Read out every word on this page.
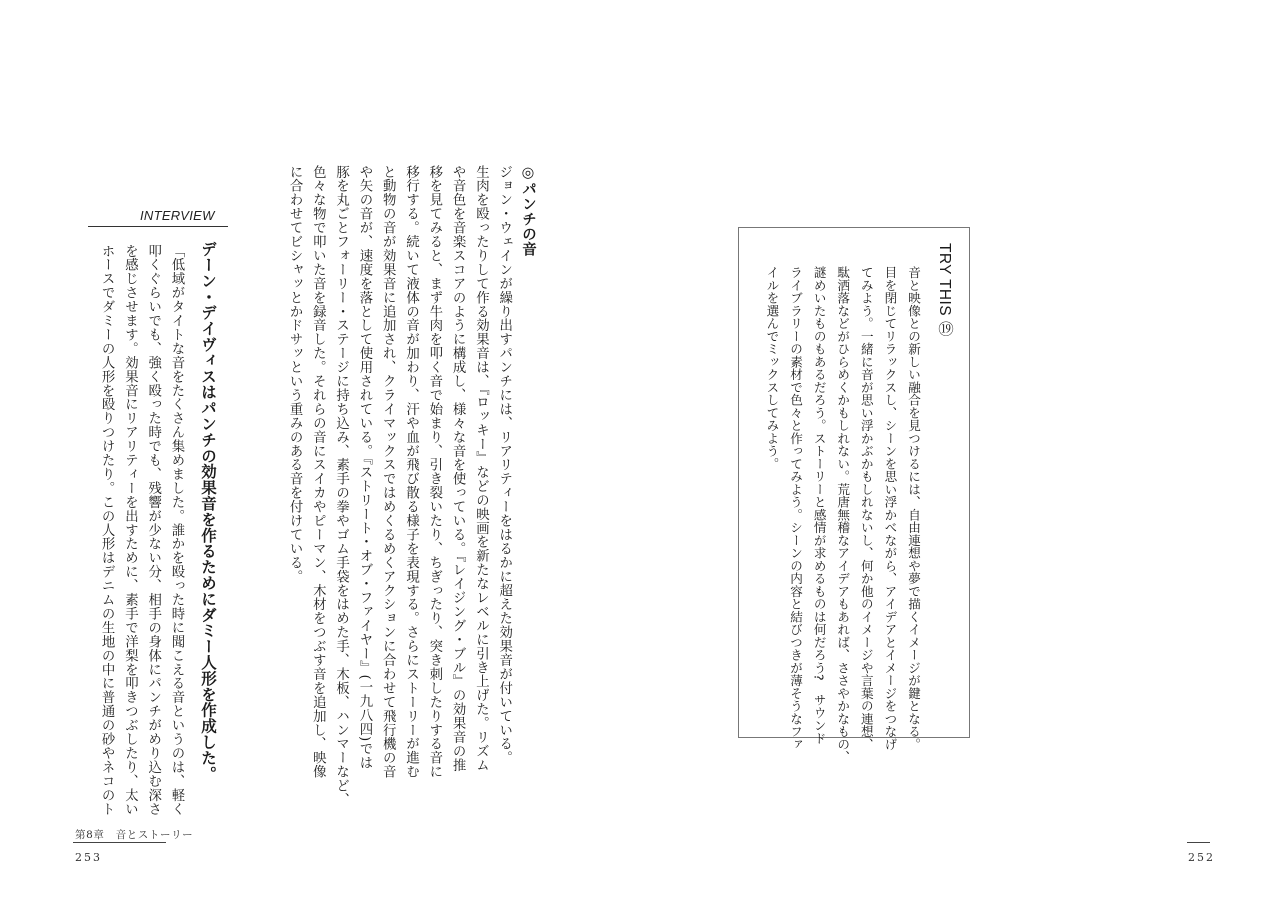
INTERVIEW
デーン・デイヴィスはパンチの効果音を作るためにダミー人形を作成した。
「低域がタイトな音をたくさん集めました。誰かを殴った時に聞こえる音というのは、軽く
叩くぐらいでも、強く殴った時でも、残響が少ない分、相手の身体にパンチがめり込む深さ
を感じさせます。効果音にリアリティーを出すために、素手で洋梨を叩きつぶしたり、太い
ホースでダミーの人形を殴りつけたり。この人形はデニムの生地の中に普通の砂やネコのト
◎パンチの音
ジョン・ウェインが繰り出すパンチには、リアリティーをはるかに超えた効果音が付いている。
生肉を殴ったりして作る効果音は、『ロッキー』などの映画を新たなレベルに引き上げた。リズム
や音色を音楽スコアのように構成し、様々な音を使っている。『レイジング・ブル』の効果音の推
移を見てみると、まず牛肉を叩く音で始まり、引き裂いたり、ちぎったり、突き刺したりする音に
移行する。続いて液体の音が加わり、汗や血が飛び散る様子を表現する。さらにストーリーが進む
と動物の音が効果音に追加され、クライマックスではめくるめくアクションに合わせて飛行機の音
や矢の音が、速度を落として使用されている。『ストリート・オブ・ファイヤー』(一九八四)では
豚を丸ごとフォーリー・ステージに持ち込み、素手の拳やゴム手袋をはめた手、木板、ハンマーなど、
色々な物で叩いた音を録音した。それらの音にスイカやピーマン、木材をつぶす音を追加し、映像
に合わせてビシャッとかドサッという重みのある音を付けている。
第8章　音とストーリー
253
TRY THIS ⑲
音と映像との新しい融合を見つけるには、自由連想や夢で描くイメージが鍵となる。
目を閉じてリラックスし、シーンを思い浮かべながら、アイデアとイメージをつなげ
てみよう。一緒に音が思い浮かぶかもしれないし、何か他のイメージや言葉の連想、
駄洒落などがひらめくかもしれない。荒唐無稽なアイデアもあれば、ささやかなもの、
謎めいたものもあるだろう。ストーリーと感情が求めるものは何だろう?　サウンド
ライブラリーの素材で色々と作ってみよう。シーンの内容と結びつきが薄そうなファ
イルを選んでミックスしてみよう。
252
